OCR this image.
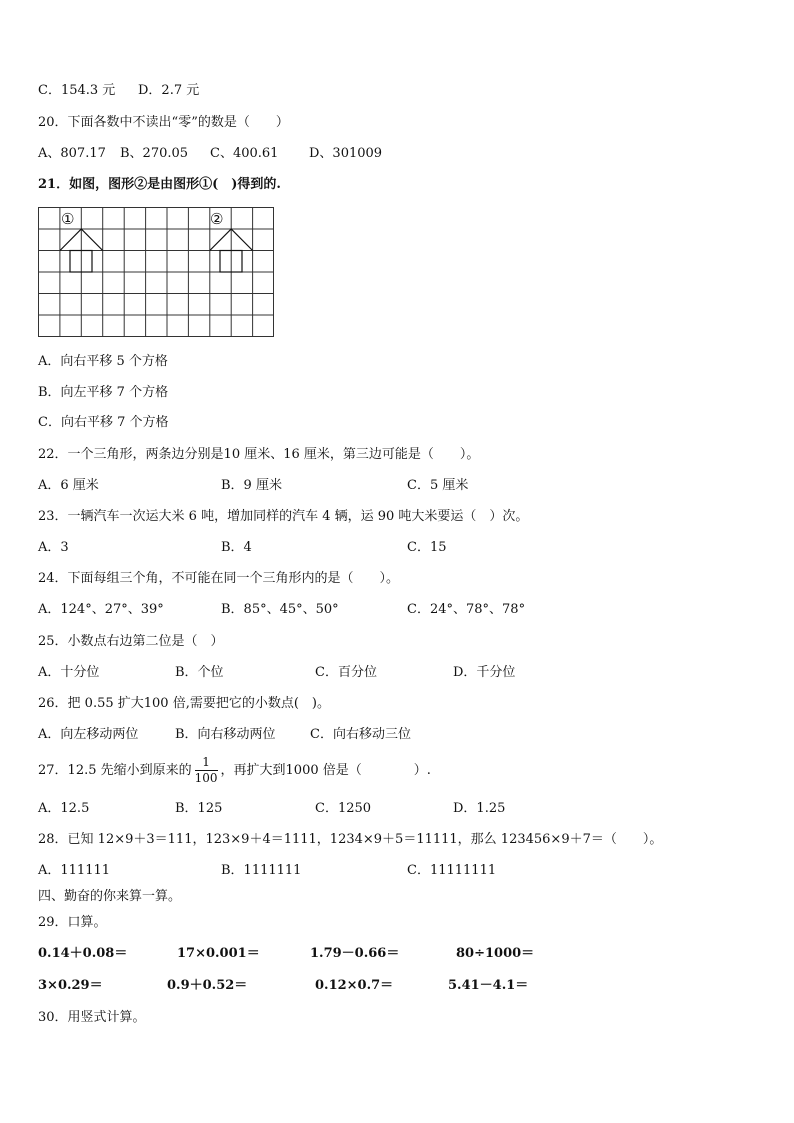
C．154.3 元 D．2.7 元
20．下面各数中不读出“零”的数是（　　）
A、807.17 B、270.05 C、400.61 D、301009
21．如图，图形②是由图形①(　)得到的.
①	②
A．向右平移 5 个方格
B．向左平移 7 个方格
C．向右平移 7 个方格
22．一个三角形，两条边分别是10 厘米、16 厘米，第三边可能是（　　）。
A．6 厘米	B．9 厘米	C．5 厘米
23．一辆汽车一次运大米 6 吨，增加同样的汽车 4 辆，运 90 吨大米要运（　）次。
A．3	B．4	C．15
24．下面每组三个角，不可能在同一个三角形内的是（　　）。
A．124°、27°、39°	B．85°、45°、50°	C．24°、78°、78°
25．小数点右边第二位是（　）
A．十分位	B．个位	C．百分位	D．千分位
26．把 0.55 扩大100 倍,需要把它的小数点(　)。
A．向左移动两位	B．向右移动两位	C．向右移动三位
27．12.5 先缩小到原来的 $\frac{1}{100}$ ，再扩大到1000 倍是（　　　　）.
A．12.5	B．125	C．1250	D．1.25
28．已知 12×9＋3＝111，123×9＋4＝1111，1234×9＋5＝11111，那么 123456×9＋7＝（　　）。
A．111111	B．1111111	C．11111111
四、勤奋的你来算一算。
29．口算。
0.14＋0.08＝	17×0.001＝	1.79－0.66＝	80÷1000＝
3×0.29＝	0.9＋0.52＝	0.12×0.7＝	5.41－4.1＝
30．用竖式计算。
